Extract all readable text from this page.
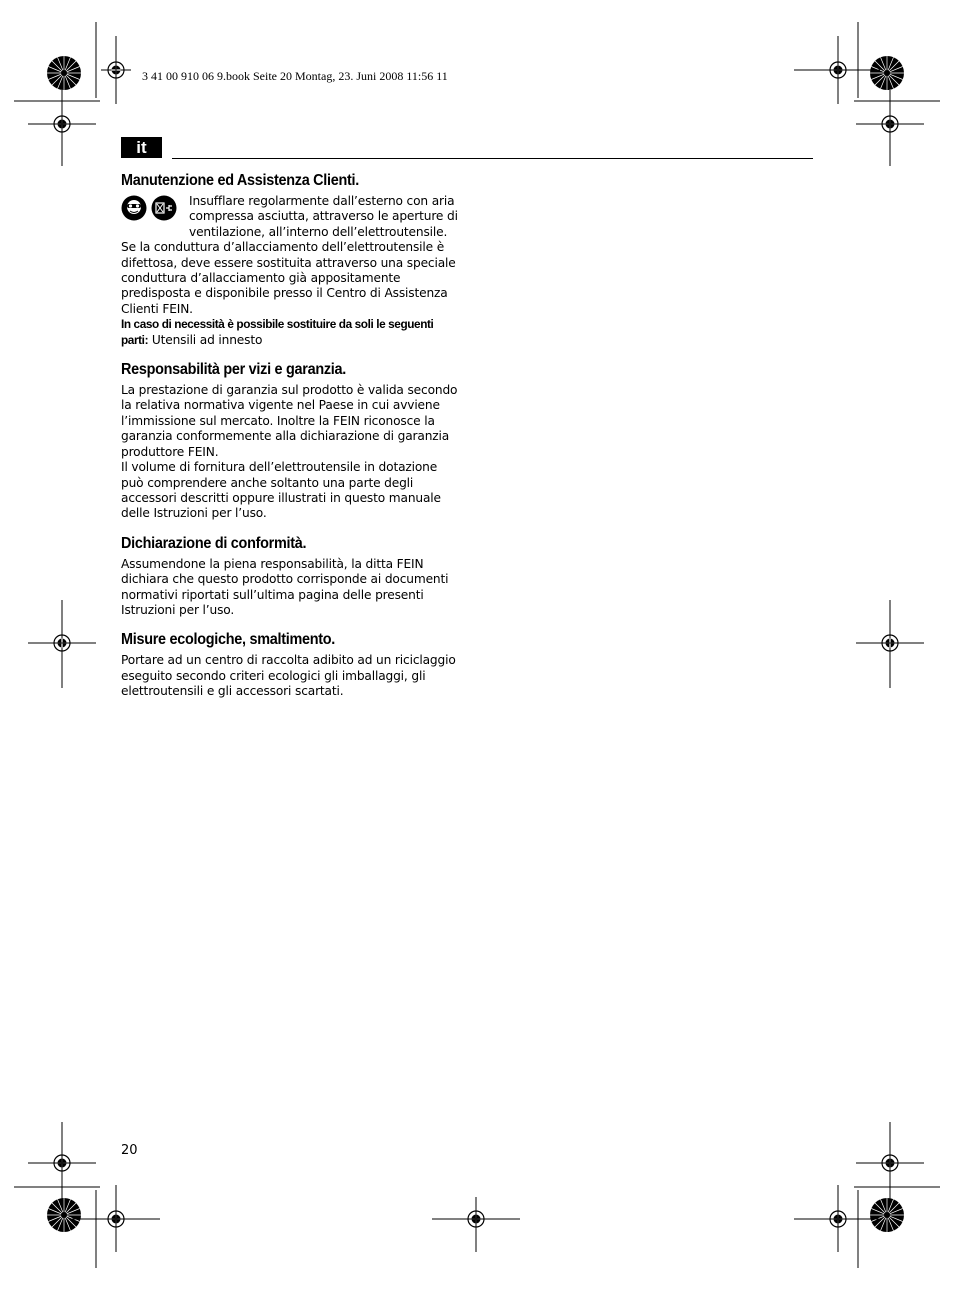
3 41 00 910 06 9.book Seite 20 Montag, 23. Juni 2008 11:56 11
it
Manutenzione ed Assistenza Clienti.

Insufflare regolarmente dall’esterno con aria compressa asciutta, attraverso le aperture di ventilazione, all’interno dell’elettroutensile.

Se la conduttura d’allacciamento dell’elettroutensile è difettosa, deve essere sostituita attraverso una speciale conduttura d’allacciamento già appositamente predisposta e disponibile presso il Centro di Assistenza Clienti FEIN.

In caso di necessità è possibile sostituire da soli le seguenti parti: Utensili ad innesto

Responsabilità per vizi e garanzia.

La prestazione di garanzia sul prodotto è valida secondo la relativa normativa vigente nel Paese in cui avviene l’immissione sul mercato. Inoltre la FEIN riconosce la garanzia conformemente alla dichiarazione di garanzia produttore FEIN.

Il volume di fornitura dell’elettroutensile in dotazione può comprendere anche soltanto una parte degli accessori descritti oppure illustrati in questo manuale delle Istruzioni per l’uso.

Dichiarazione di conformità.

Assumendone la piena responsabilità, la ditta FEIN dichiara che questo prodotto corrisponde ai documenti normativi riportati sull’ultima pagina delle presenti Istruzioni per l’uso.

Misure ecologiche, smaltimento.

Portare ad un centro di raccolta adibito ad un riciclaggio eseguito secondo criteri ecologici gli imballaggi, gli elettroutensili e gli accessori scartati.

20
